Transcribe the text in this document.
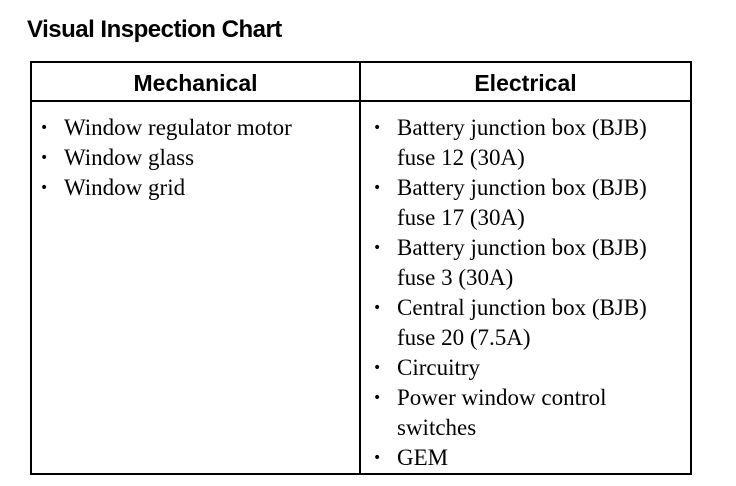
Visual Inspection Chart
Mechanical	Electrical
• Window regulator motor
• Window glass
• Window grid
• Battery junction box (BJB) fuse 12 (30A)
• Battery junction box (BJB) fuse 17 (30A)
• Battery junction box (BJB) fuse 3 (30A)
• Central junction box (BJB) fuse 20 (7.5A)
• Circuitry
• Power window control switches
• GEM
